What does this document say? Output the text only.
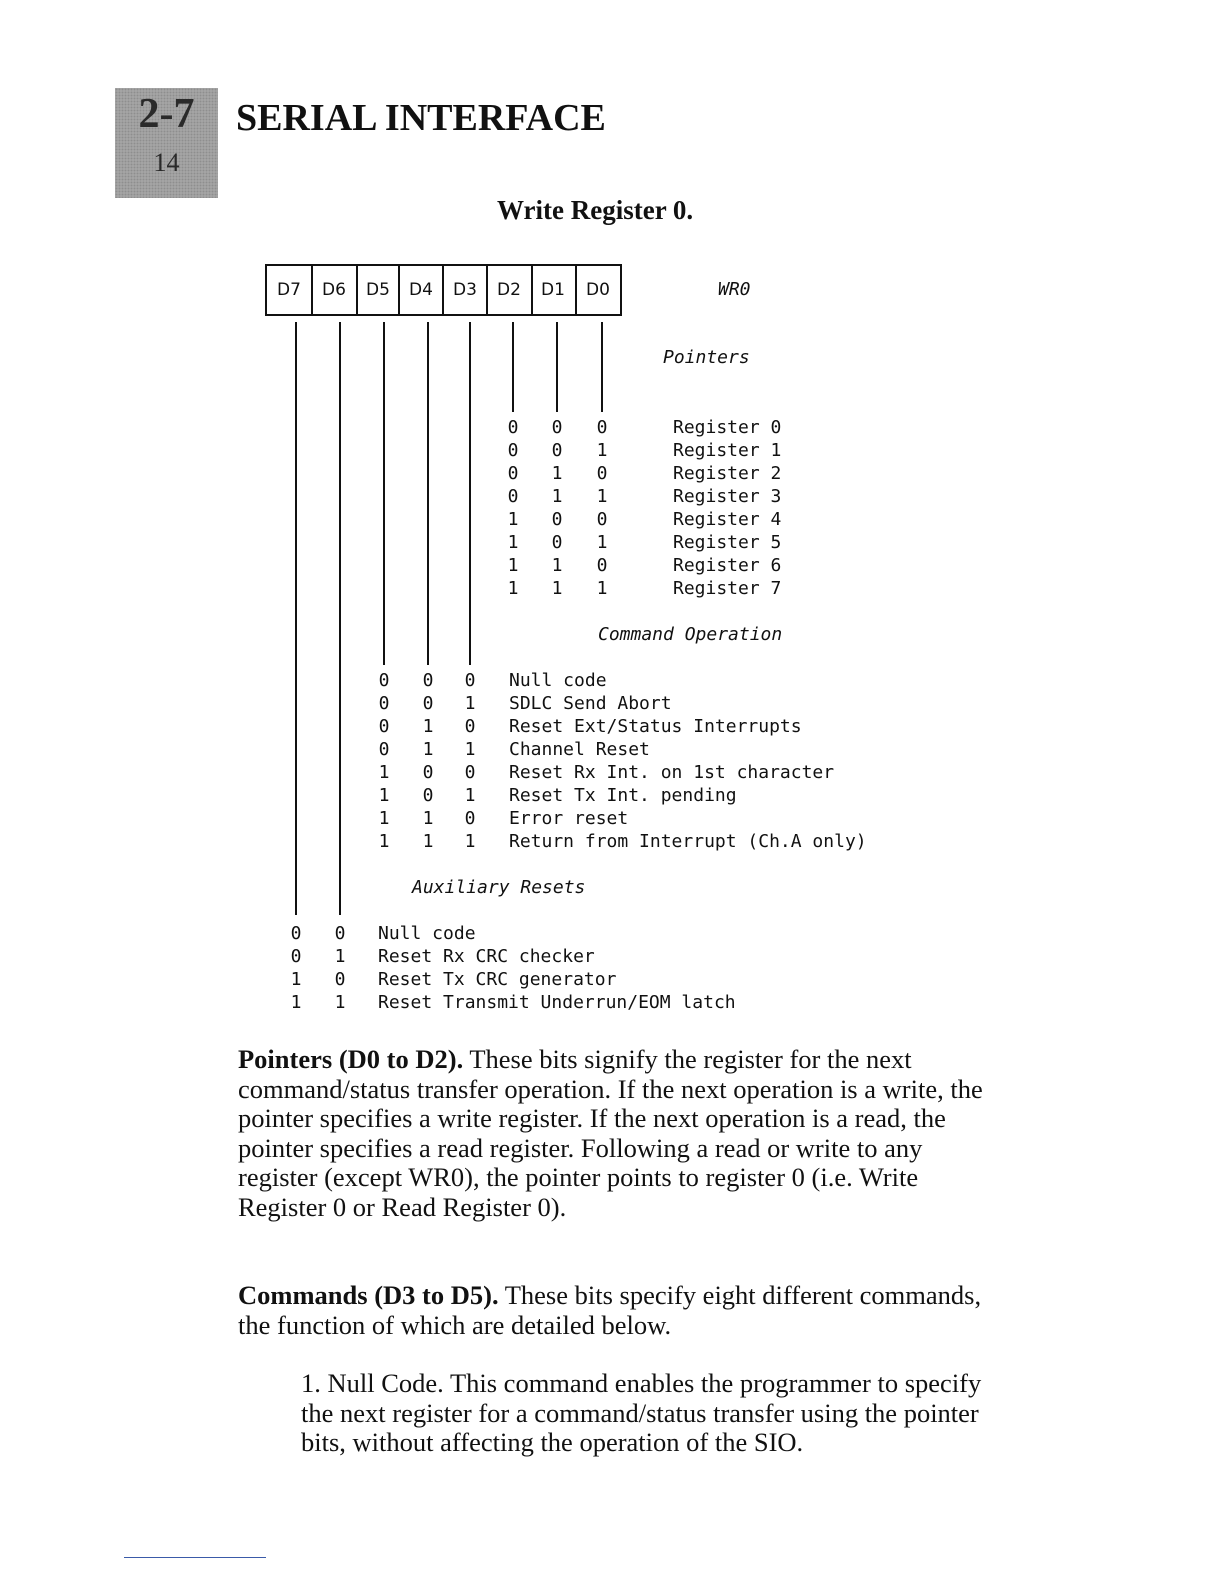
2-7
14
SERIAL INTERFACE
Write Register 0.
D7 D6 D5 D4 D3 D2 D1 D0	WR0
Pointers
0 0 0
0 0 1
0 1 0
0 1 1
1 0 0
1 0 1
1 1 0
1 1 1
Register 0
Register 1
Register 2
Register 3
Register 4
Register 5
Register 6
Register 7
Command Operation
0 0 0
0 0 1
0 1 0
0 1 1
1 0 0
1 0 1
1 1 0
1 1 1
Null code
SDLC Send Abort
Reset Ext/Status Interrupts
Channel Reset
Reset Rx Int. on 1st character
Reset Tx Int. pending
Error reset
Return from Interrupt (Ch.A only)
Auxiliary Resets
0 0
0 1
1 0
1 1
Null code
Reset Rx CRC checker
Reset Tx CRC generator
Reset Transmit Underrun/EOM latch

Pointers (D0 to D2). These bits signify the register for the next command/status transfer operation. If the next operation is a write, the pointer specifies a write register. If the next operation is a read, the pointer specifies a read register. Following a read or write to any register (except WR0), the pointer points to register 0 (i.e. Write Register 0 or Read Register 0).

Commands (D3 to D5). These bits specify eight different commands, the function of which are detailed below.

1. Null Code. This command enables the programmer to specify the next register for a command/status transfer using the pointer bits, without affecting the operation of the SIO.
